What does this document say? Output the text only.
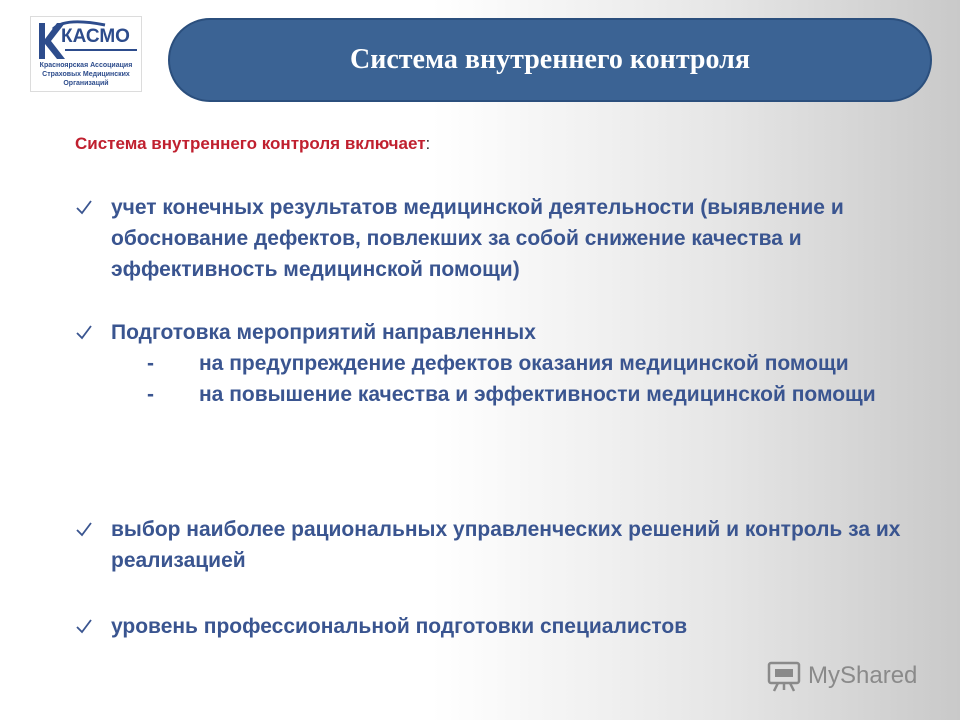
КАСМО
Красноярская Ассоциация
Страховых Медицинских
Организаций
Система внутреннего контроля
Система внутреннего контроля включает:
учет конечных результатов медицинской деятельности (выявление и обоснование дефектов, повлекших за собой снижение качества и эффективность медицинской помощи)
Подготовка мероприятий направленных
-	на предупреждение дефектов оказания медицинской помощи
-	на повышение качества и эффективности медицинской помощи
выбор наиболее рациональных управленческих решений и контроль за их реализацией
уровень профессиональной подготовки специалистов
MyShared
